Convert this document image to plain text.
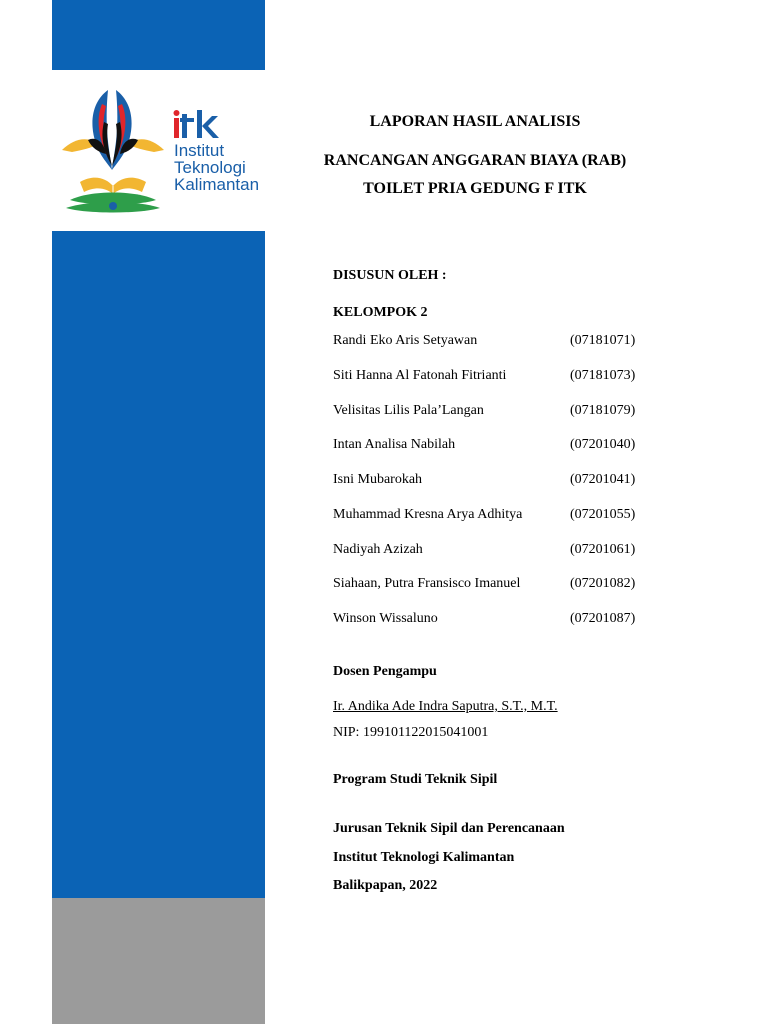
Institut
Teknologi
Kalimantan
LAPORAN HASIL ANALISIS
RANCANGAN ANGGARAN BIAYA (RAB)
TOILET PRIA GEDUNG F ITK
DISUSUN OLEH :
KELOMPOK 2
Randi Eko Aris Setyawan	(07181071)
Siti Hanna Al Fatonah Fitrianti	(07181073)
Velisitas Lilis Pala’Langan	(07181079)
Intan Analisa Nabilah	(07201040)
Isni Mubarokah	(07201041)
Muhammad Kresna Arya Adhitya	(07201055)
Nadiyah Azizah	(07201061)
Siahaan, Putra Fransisco Imanuel	(07201082)
Winson Wissaluno	(07201087)
Dosen Pengampu
Ir. Andika Ade Indra Saputra, S.T., M.T.
NIP: 199101122015041001
Program Studi Teknik Sipil
Jurusan Teknik Sipil dan Perencanaan
Institut Teknologi Kalimantan
Balikpapan, 2022
